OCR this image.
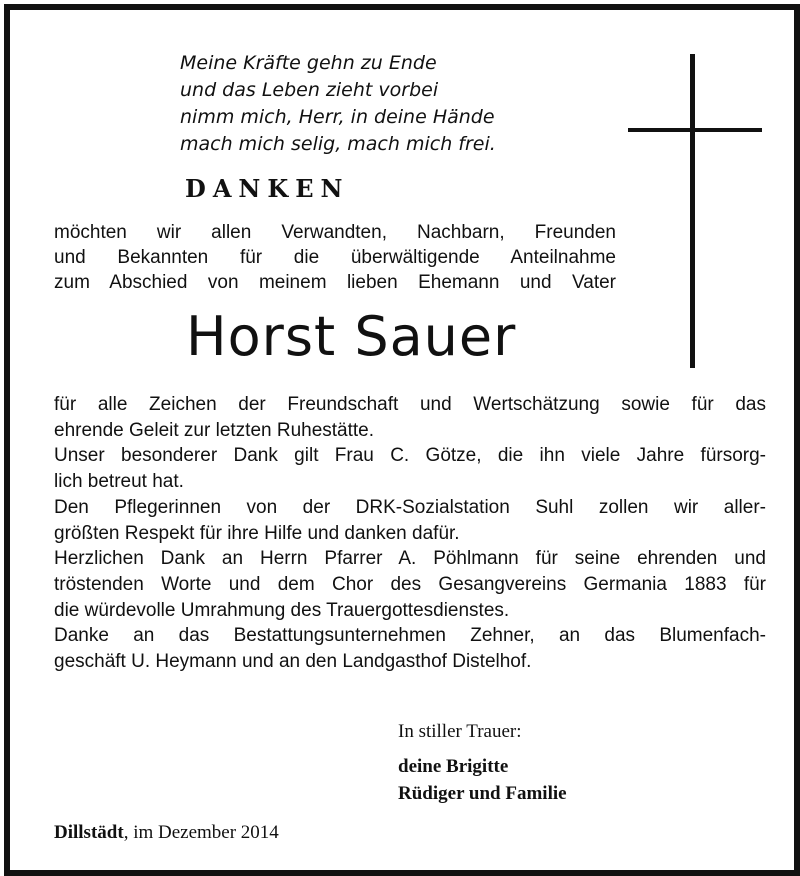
Meine Kräfte gehn zu Ende
und das Leben zieht vorbei
nimm mich, Herr, in deine Hände
mach mich selig, mach mich frei.
DANKEN
möchten wir allen Verwandten, Nachbarn, Freunden
und Bekannten für die überwältigende Anteilnahme
zum Abschied von meinem lieben Ehemann und Vater
Horst Sauer
für alle Zeichen der Freundschaft und Wertschätzung sowie für das
ehrende Geleit zur letzten Ruhestätte.
Unser besonderer Dank gilt Frau C. Götze, die ihn viele Jahre fürsorg-
lich betreut hat.
Den Pflegerinnen von der DRK-Sozialstation Suhl zollen wir aller-
größten Respekt für ihre Hilfe und danken dafür.
Herzlichen Dank an Herrn Pfarrer A. Pöhlmann für seine ehrenden und
tröstenden Worte und dem Chor des Gesangvereins Germania 1883 für
die würdevolle Umrahmung des Trauergottesdienstes.
Danke an das Bestattungsunternehmen Zehner, an das Blumenfach-
geschäft U. Heymann und an den Landgasthof Distelhof.
In stiller Trauer:
deine Brigitte
Rüdiger und Familie
Dillstädt, im Dezember 2014
